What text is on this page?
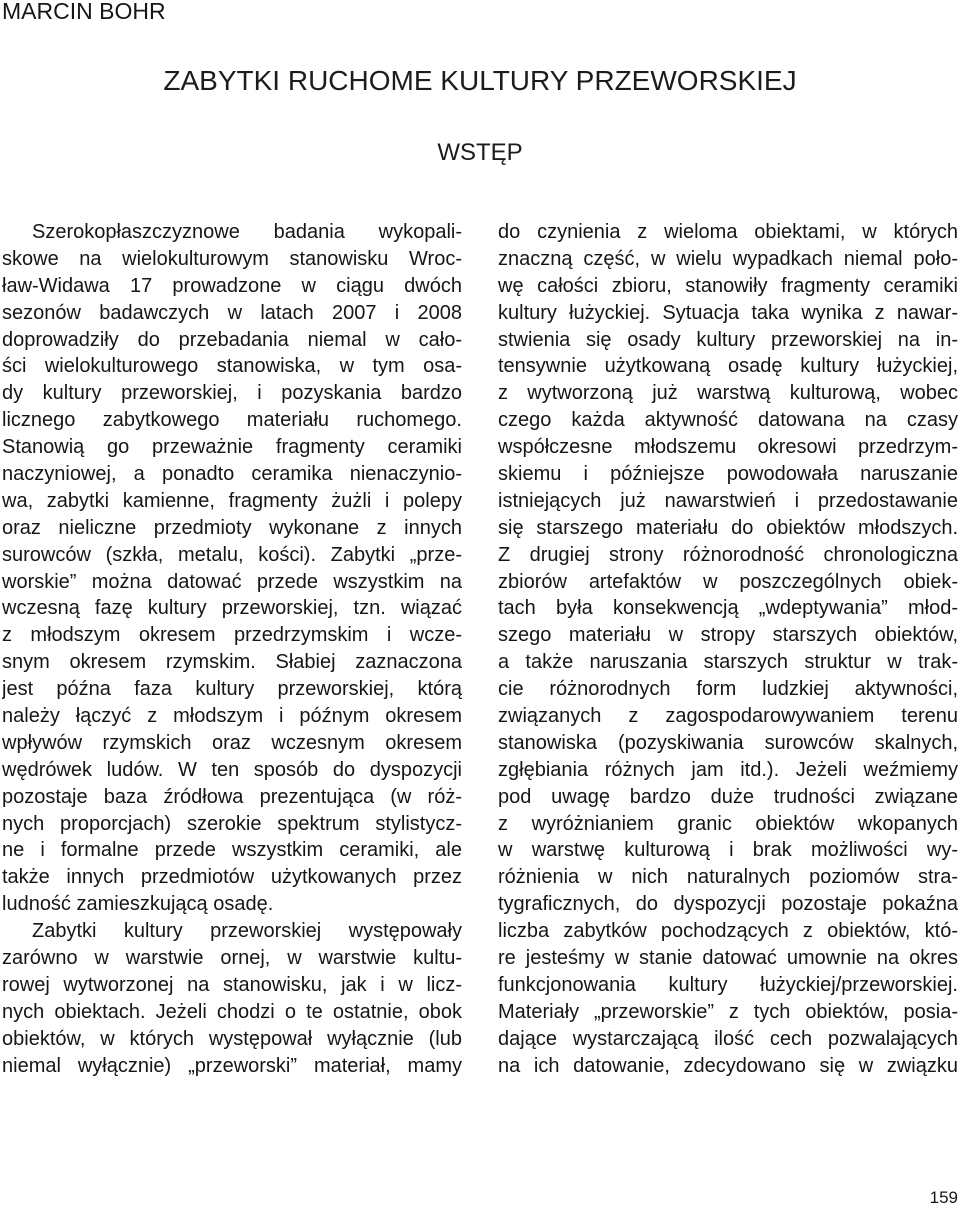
MARCIN BOHR
ZABYTKI RUCHOME KULTURY PRZEWORSKIEJ
WSTĘP
Szerokopłaszczyznowe badania wykopali-
skowe na wielokulturowym stanowisku Wroc-
ław-Widawa 17 prowadzone w ciągu dwóch
sezonów badawczych w latach 2007 i 2008
doprowadziły do przebadania niemal w cało-
ści wielokulturowego stanowiska, w tym osa-
dy kultury przeworskiej, i pozyskania bardzo
licznego zabytkowego materiału ruchomego.
Stanowią go przeważnie fragmenty ceramiki
naczyniowej, a ponadto ceramika nienaczynio-
wa, zabytki kamienne, fragmenty żużli i polepy
oraz nieliczne przedmioty wykonane z innych
surowców (szkła, metalu, kości). Zabytki „prze-
worskie” można datować przede wszystkim na
wczesną fazę kultury przeworskiej, tzn. wiązać
z młodszym okresem przedrzymskim i wcze-
snym okresem rzymskim. Słabiej zaznaczona
jest późna faza kultury przeworskiej, którą
należy łączyć z młodszym i późnym okresem
wpływów rzymskich oraz wczesnym okresem
wędrówek ludów. W ten sposób do dyspozycji
pozostaje baza źródłowa prezentująca (w róż-
nych proporcjach) szerokie spektrum stylistycz-
ne i formalne przede wszystkim ceramiki, ale
także innych przedmiotów użytkowanych przez
ludność zamieszkującą osadę.
Zabytki kultury przeworskiej występowały
zarówno w warstwie ornej, w warstwie kultu-
rowej wytworzonej na stanowisku, jak i w licz-
nych obiektach. Jeżeli chodzi o te ostatnie, obok
obiektów, w których występował wyłącznie (lub
niemal wyłącznie) „przeworski” materiał, mamy
do czynienia z wieloma obiektami, w których
znaczną część, w wielu wypadkach niemal poło-
wę całości zbioru, stanowiły fragmenty ceramiki
kultury łużyckiej. Sytuacja taka wynika z nawar-
stwienia się osady kultury przeworskiej na in-
tensywnie użytkowaną osadę kultury łużyckiej,
z wytworzoną już warstwą kulturową, wobec
czego każda aktywność datowana na czasy
współczesne młodszemu okresowi przedrzym-
skiemu i późniejsze powodowała naruszanie
istniejących już nawarstwień i przedostawanie
się starszego materiału do obiektów młodszych.
Z drugiej strony różnorodność chronologiczna
zbiorów artefaktów w poszczególnych obiek-
tach była konsekwencją „wdeptywania” młod-
szego materiału w stropy starszych obiektów,
a także naruszania starszych struktur w trak-
cie różnorodnych form ludzkiej aktywności,
związanych z zagospodarowywaniem terenu
stanowiska (pozyskiwania surowców skalnych,
zgłębiania różnych jam itd.). Jeżeli weźmiemy
pod uwagę bardzo duże trudności związane
z wyróżnianiem granic obiektów wkopanych
w warstwę kulturową i brak możliwości wy-
różnienia w nich naturalnych poziomów stra-
tygraficznych, do dyspozycji pozostaje pokaźna
liczba zabytków pochodzących z obiektów, któ-
re jesteśmy w stanie datować umownie na okres
funkcjonowania kultury łużyckiej/przeworskiej.
Materiały „przeworskie” z tych obiektów, posia-
dające wystarczającą ilość cech pozwalających
na ich datowanie, zdecydowano się w związku
159
